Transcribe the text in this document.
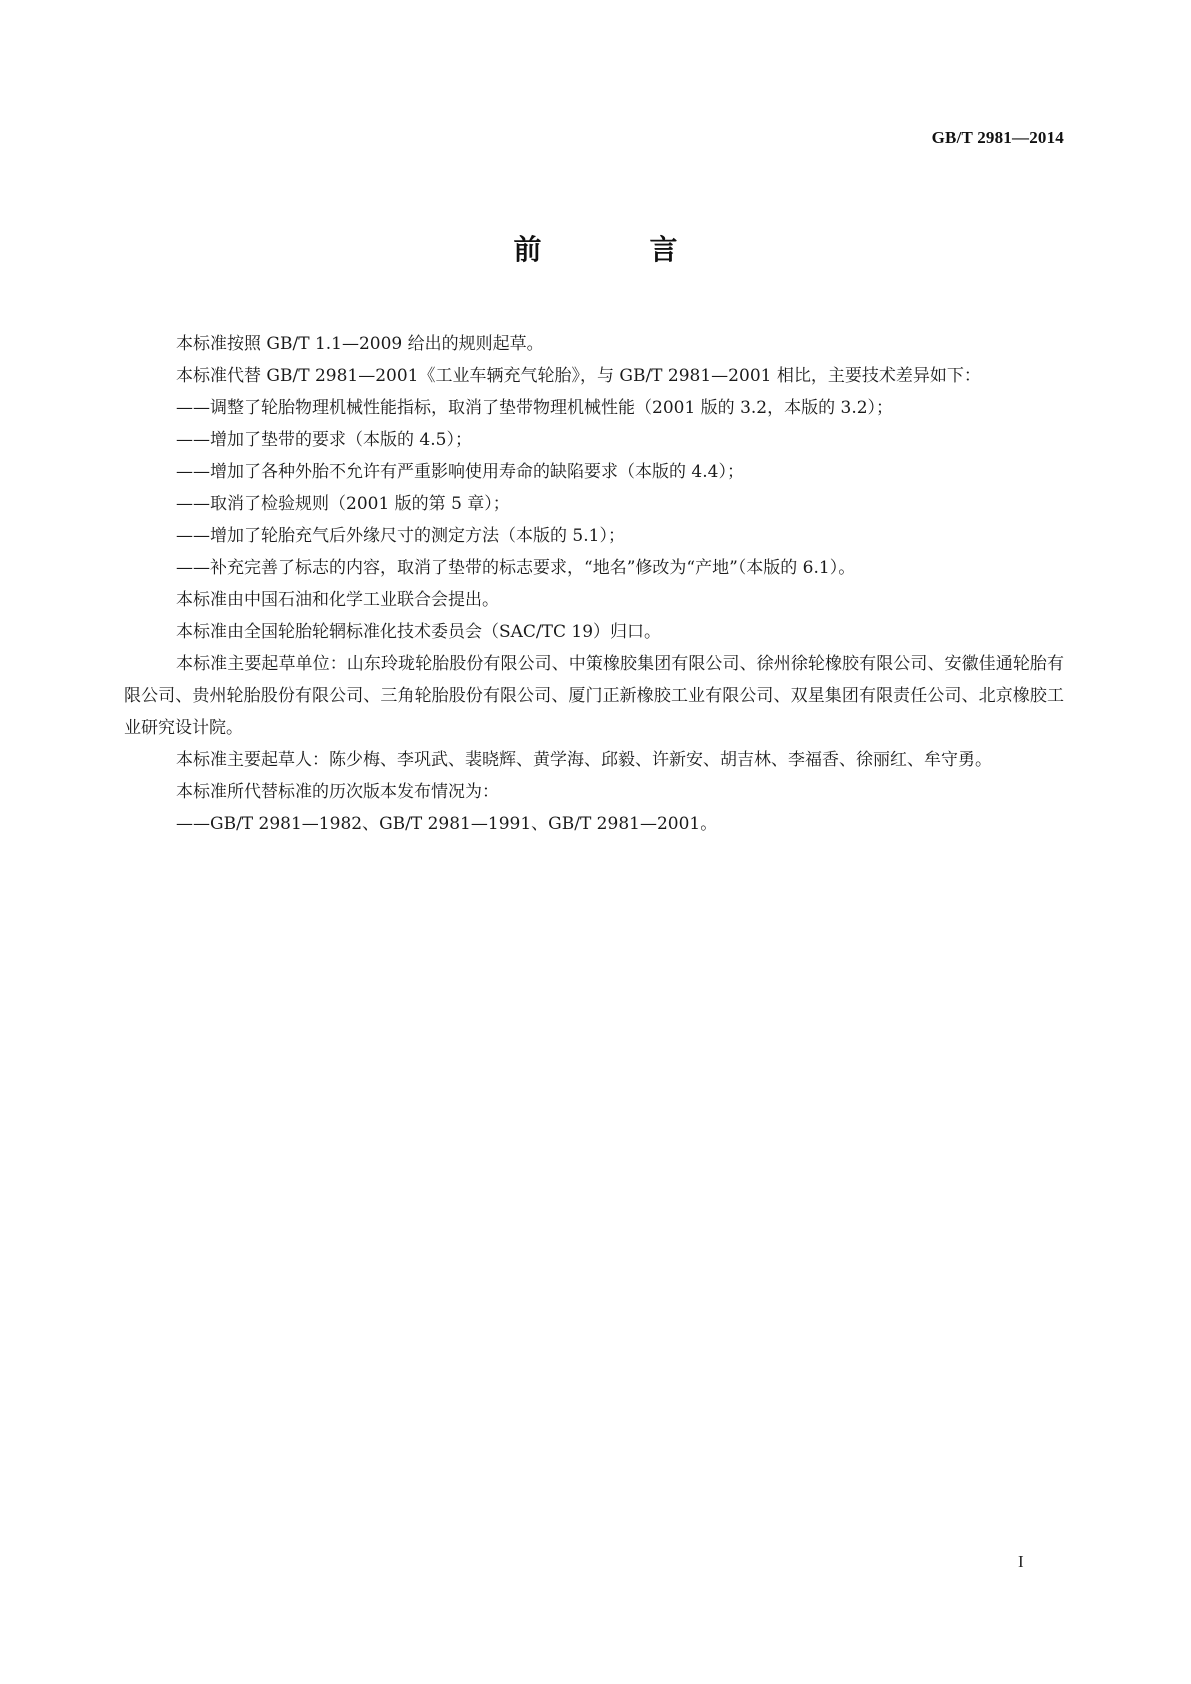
GB/T 2981—2014
前　言

本标准按照 GB/T 1.1—2009 给出的规则起草。

本标准代替 GB/T 2981—2001《工业车辆充气轮胎》，与 GB/T 2981—2001 相比，主要技术差异如下：

——调整了轮胎物理机械性能指标，取消了垫带物理机械性能（2001 版的 3.2，本版的 3.2）；

——增加了垫带的要求（本版的 4.5）；

——增加了各种外胎不允许有严重影响使用寿命的缺陷要求（本版的 4.4）；

——取消了检验规则（2001 版的第 5 章）；

——增加了轮胎充气后外缘尺寸的测定方法（本版的 5.1）；

——补充完善了标志的内容，取消了垫带的标志要求，“地名”修改为“产地”（本版的 6.1）。

本标准由中国石油和化学工业联合会提出。

本标准由全国轮胎轮辋标准化技术委员会（SAC/TC 19）归口。

本标准主要起草单位：山东玲珑轮胎股份有限公司、中策橡胶集团有限公司、徐州徐轮橡胶有限公司、安徽佳通轮胎有限公司、贵州轮胎股份有限公司、三角轮胎股份有限公司、厦门正新橡胶工业有限公司、双星集团有限责任公司、北京橡胶工业研究设计院。

本标准主要起草人：陈少梅、李巩武、裴晓辉、黄学海、邱毅、许新安、胡吉林、李福香、徐丽红、牟守勇。

本标准所代替标准的历次版本发布情况为：

——GB/T 2981—1982、GB/T 2981—1991、GB/T 2981—2001。

I
